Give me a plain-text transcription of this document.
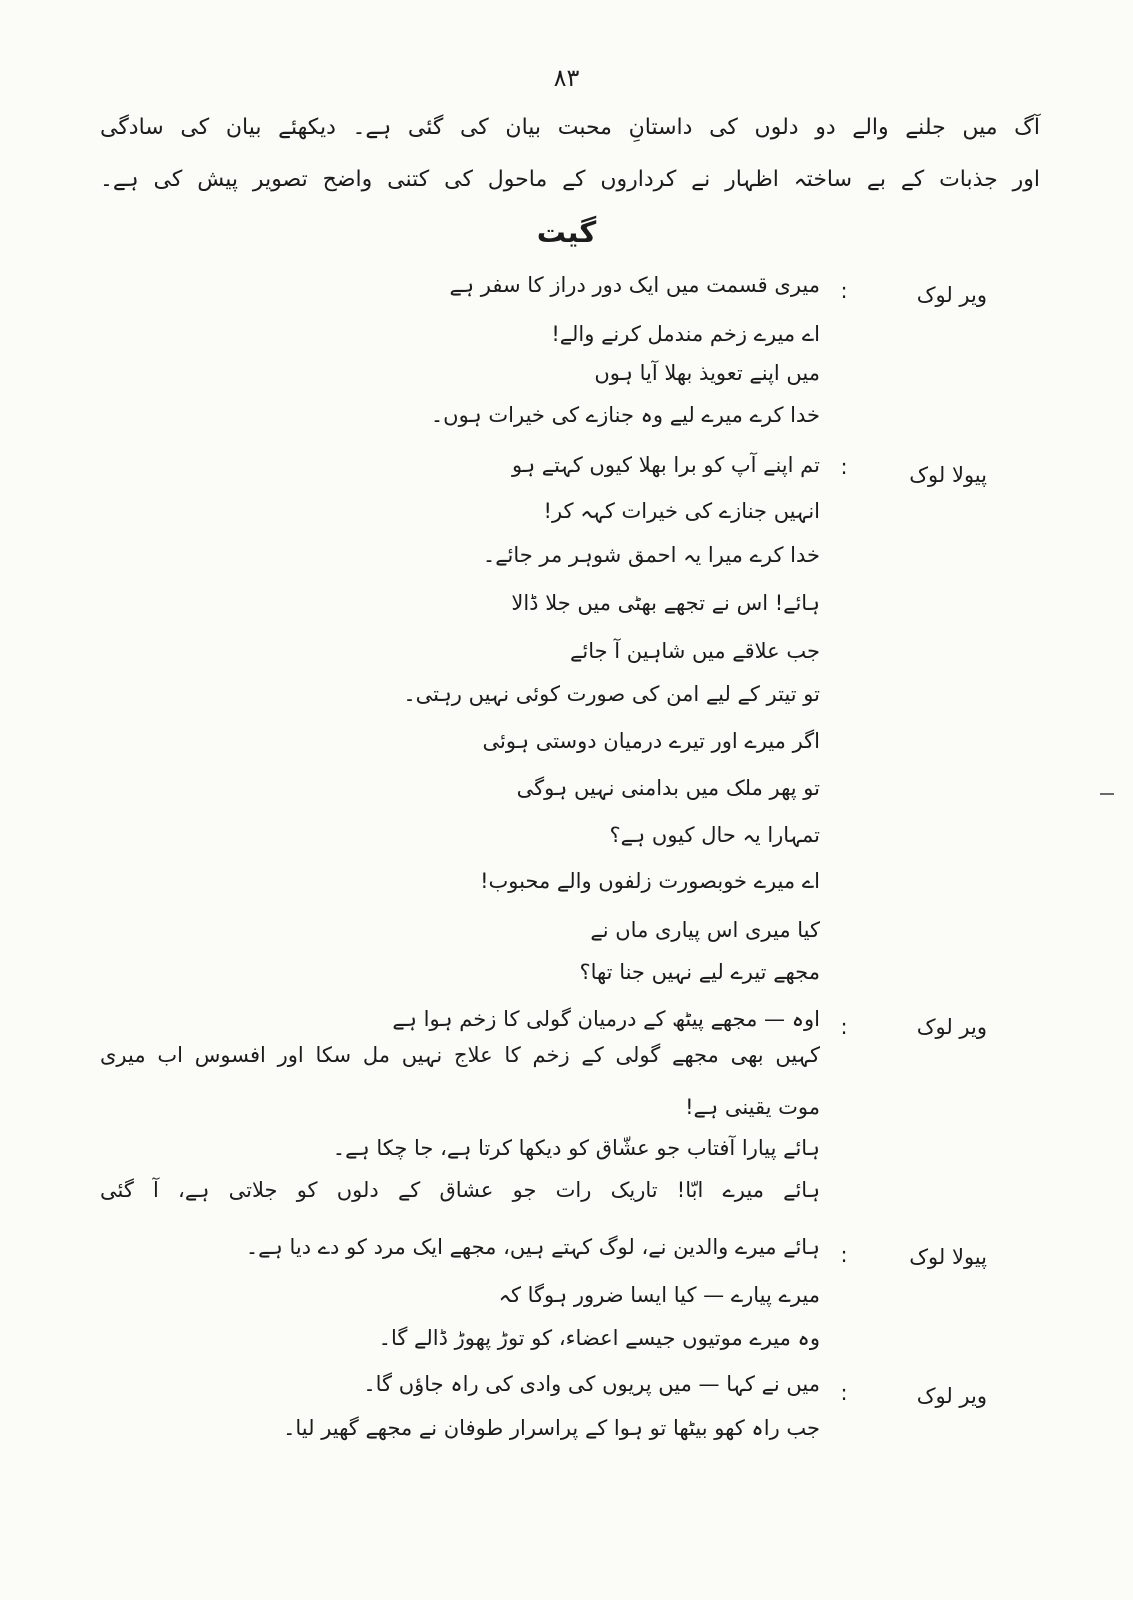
۸۳
آگ میں جلنے والے دو دلوں کی داستانِ محبت بیان کی گئی ہے۔ دیکھئے بیان کی سادگی
اور جذبات کے بے ساختہ اظہار نے کرداروں کے ماحول کی کتنی واضح تصویر پیش کی ہے۔
گیت
ویر لوک
:
میری قسمت میں ایک دور دراز کا سفر ہے
اے میرے زخم مندمل کرنے والے!
میں اپنے تعویذ بھلا آیا ہوں
خدا کرے میرے لیے وہ جنازے کی خیرات ہوں۔
پیولا لوک
:
تم اپنے آپ کو برا بھلا کیوں کہتے ہو
انہیں جنازے کی خیرات کہہ کر!
خدا کرے میرا یہ احمق شوہر مر جائے۔
ہائے! اس نے تجھے بھٹی میں جلا ڈالا
جب علاقے میں شاہین آ جائے
تو تیتر کے لیے امن کی صورت کوئی نہیں رہتی۔
اگر میرے اور تیرے درمیان دوستی ہوئی
تو پھر ملک میں بدامنی نہیں ہوگی
تمہارا یہ حال کیوں ہے؟
اے میرے خوبصورت زلفوں والے محبوب!
کیا میری اس پیاری ماں نے
مجھے تیرے لیے نہیں جنا تھا؟
ویر لوک
:
اوہ — مجھے پیٹھ کے درمیان گولی کا زخم ہوا ہے
کہیں بھی مجھے گولی کے زخم کا علاج نہیں مل سکا اور افسوس اب میری
موت یقینی ہے!
ہائے پیارا آفتاب جو عشّاق کو دیکھا کرتا ہے، جا چکا ہے۔
ہائے میرے ابّا! تاریک رات جو عشاق کے دلوں کو جلاتی ہے، آ گئی
پیولا لوک
:
ہائے میرے والدین نے، لوگ کہتے ہیں، مجھے ایک مرد کو دے دیا ہے۔
میرے پیارے — کیا ایسا ضرور ہوگا کہ
وہ میرے موتیوں جیسے اعضاء، کو توڑ پھوڑ ڈالے گا۔
ویر لوک
:
میں نے کہا — میں پریوں کی وادی کی راہ جاؤں گا۔
جب راہ کھو بیٹھا تو ہوا کے پراسرار طوفان نے مجھے گھیر لیا۔
